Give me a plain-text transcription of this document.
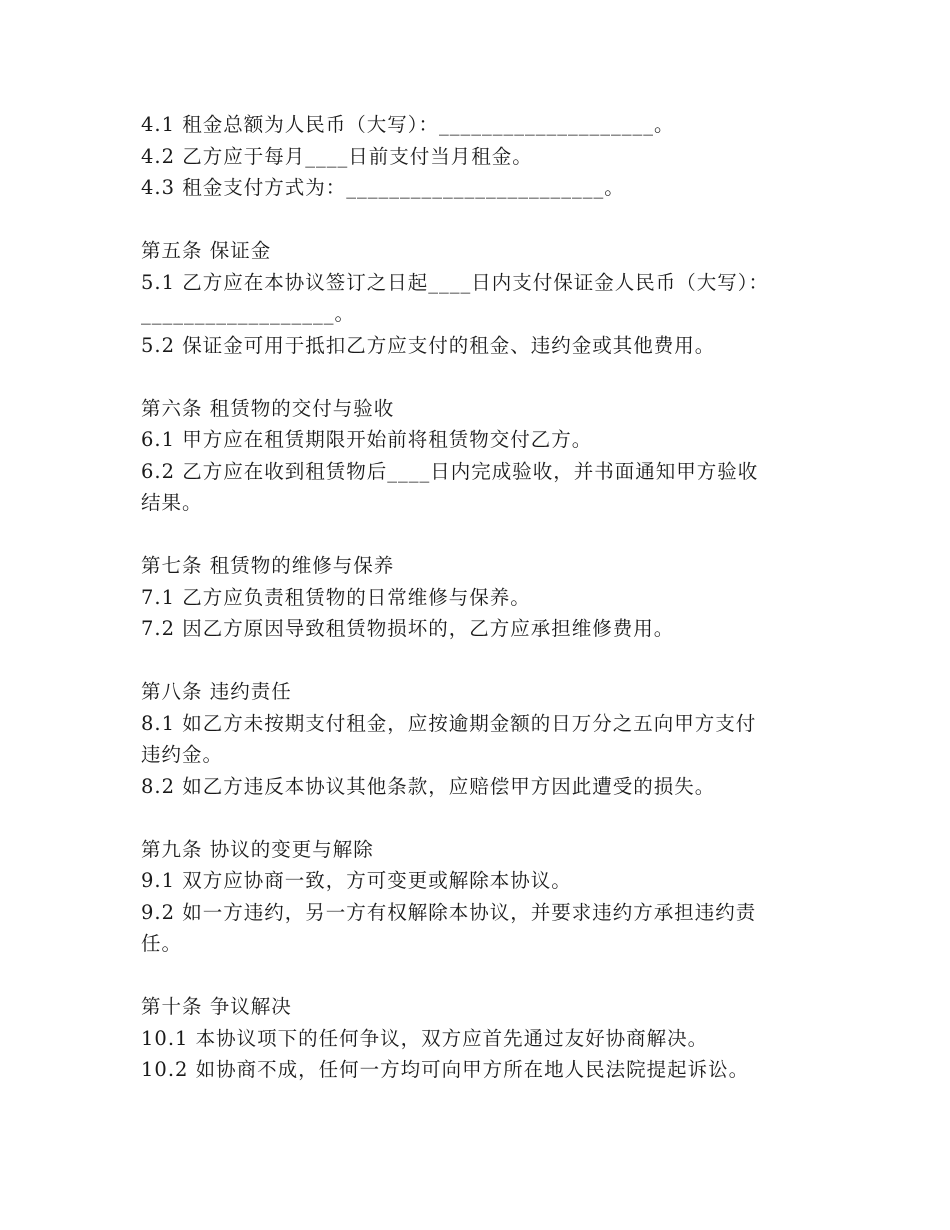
4.1 租金总额为人民币（大写）：____________________。
4.2 乙方应于每月____日前支付当月租金。
4.3 租金支付方式为：________________________。
第五条 保证金
5.1 乙方应在本协议签订之日起____日内支付保证金人民币（大写）：
__________________。
5.2 保证金可用于抵扣乙方应支付的租金、违约金或其他费用。
第六条 租赁物的交付与验收
6.1 甲方应在租赁期限开始前将租赁物交付乙方。
6.2 乙方应在收到租赁物后____日内完成验收，并书面通知甲方验收
结果。
第七条 租赁物的维修与保养
7.1 乙方应负责租赁物的日常维修与保养。
7.2 因乙方原因导致租赁物损坏的，乙方应承担维修费用。
第八条 违约责任
8.1 如乙方未按期支付租金，应按逾期金额的日万分之五向甲方支付
违约金。
8.2 如乙方违反本协议其他条款，应赔偿甲方因此遭受的损失。
第九条 协议的变更与解除
9.1 双方应协商一致，方可变更或解除本协议。
9.2 如一方违约，另一方有权解除本协议，并要求违约方承担违约责
任。
第十条 争议解决
10.1 本协议项下的任何争议，双方应首先通过友好协商解决。
10.2 如协商不成，任何一方均可向甲方所在地人民法院提起诉讼。
